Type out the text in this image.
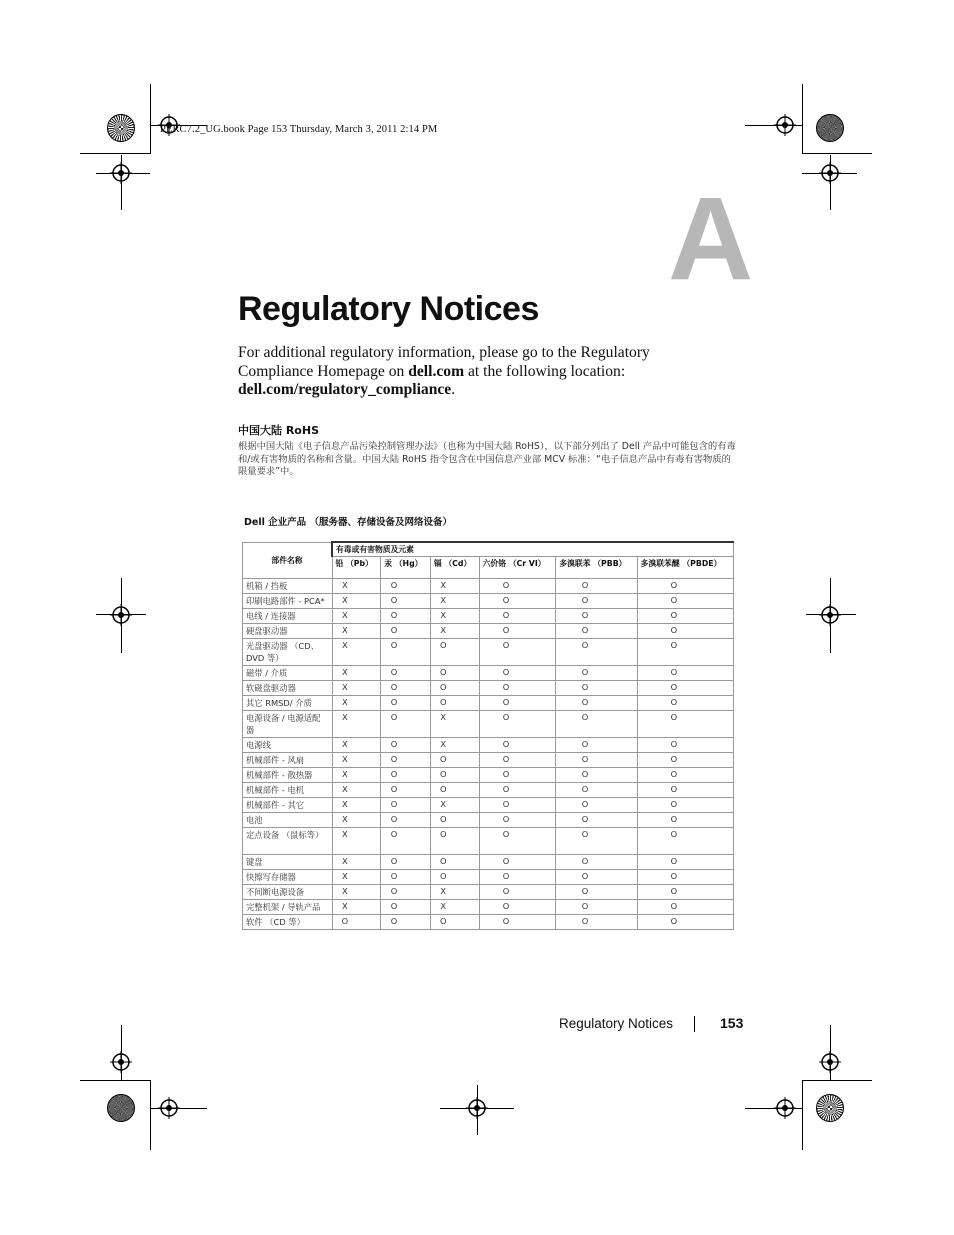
PERC7.2_UG.book Page 153 Thursday, March 3, 2011 2:14 PM
A
Regulatory Notices
For additional regulatory information, please go to the Regulatory Compliance Homepage on dell.com at the following location: dell.com/regulatory_compliance.
中国大陆 RoHS
根据中国大陆《电子信息产品污染控制管理办法》（也称为中国大陆 RoHS），以下部分列出了 Dell 产品中可能包含的有毒和/或有害物质的名称和含量。中国大陆 RoHS 指令包含在中国信息产业部 MCV 标准：“电子信息产品中有毒有害物质的限量要求”中。
Dell 企业产品 （服务器、存储设备及网络设备）
部件名称	有毒或有害物质及元素					
	铅 （Pb）	汞 （Hg）	镉 （Cd）	六价铬 （Cr VI）	多溴联苯 （PBB）	多溴联苯醚 （PBDE）
机箱 / 挡板	X	O	X	O	O	O
印刷电路部件 - PCA*	X	O	X	O	O	O
电线 / 连接器	X	O	X	O	O	O
硬盘驱动器	X	O	X	O	O	O
光盘驱动器 （CD、 DVD 等）	X	O	O	O	O	O
磁带 / 介质	X	O	O	O	O	O
软磁盘驱动器	X	O	O	O	O	O
其它 RMSD/ 介质	X	O	O	O	O	O
电源设备 / 电源适配器	X	O	X	O	O	O
电源线	X	O	X	O	O	O
机械部件 - 风扇	X	O	O	O	O	O
机械部件 - 散热器	X	O	O	O	O	O
机械部件 - 电机	X	O	O	O	O	O
机械部件 - 其它	X	O	X	O	O	O
电池	X	O	O	O	O	O
定点设备 （鼠标等）	X	O	O	O	O	O
键盘	X	O	O	O	O	O
快擦写存储器	X	O	O	O	O	O
不间断电源设备	X	O	X	O	O	O
完整机架 / 导轨产品	X	O	X	O	O	O
软件 （CD 等）	O	O	O	O	O	O
Regulatory Notices	153
